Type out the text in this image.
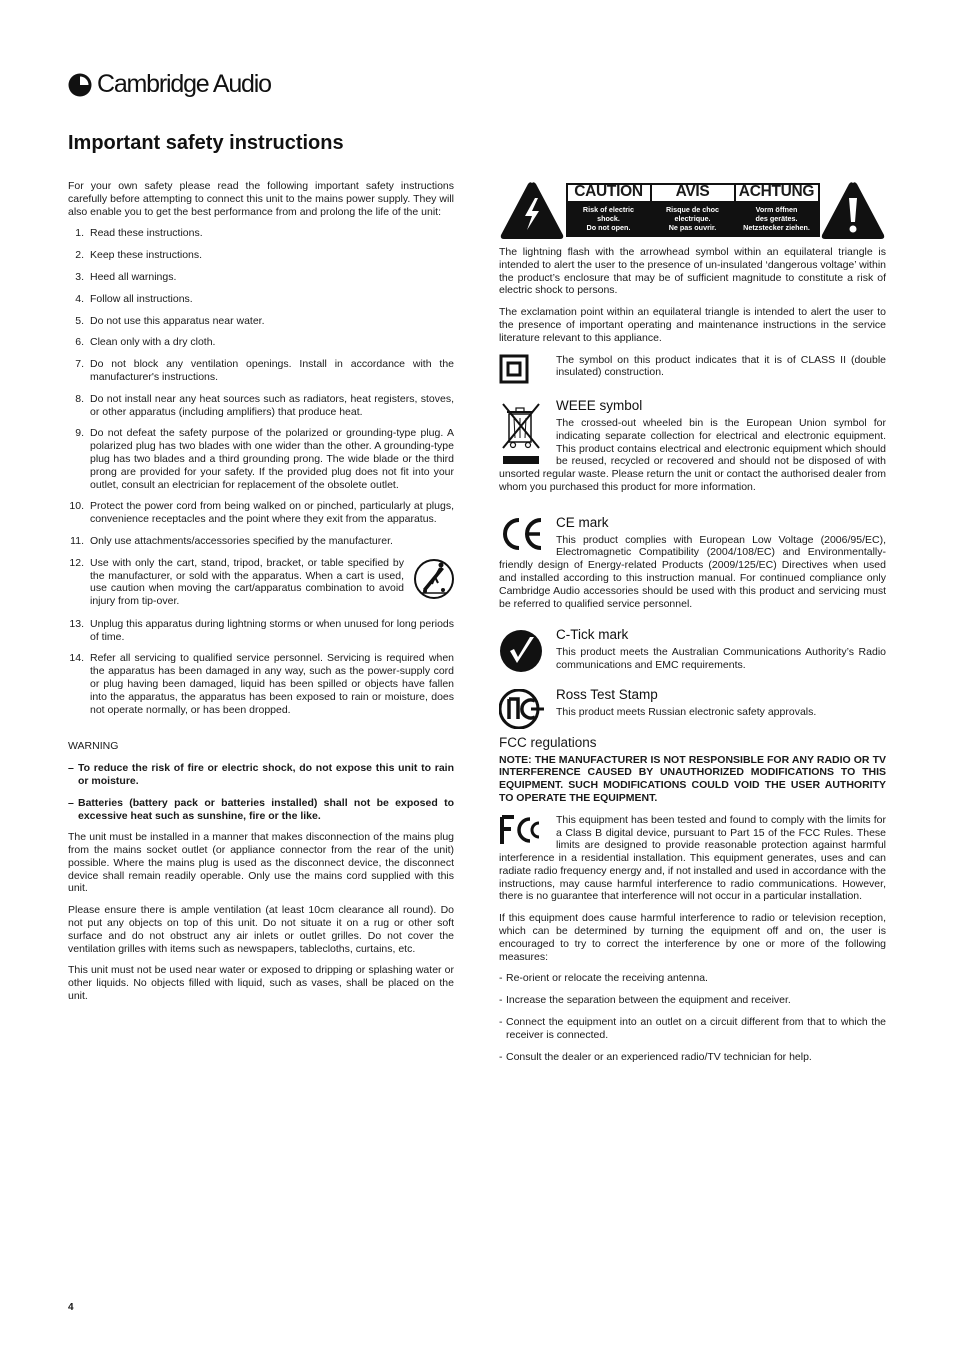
Cambridge Audio
Important safety instructions

For your own safety please read the following important safety instructions carefully before attempting to connect this unit to the mains power supply. They will also enable you to get the best performance from and prolong the life of the unit:

1. Read these instructions.
2. Keep these instructions.
3. Heed all warnings.
4. Follow all instructions.
5. Do not use this apparatus near water.
6. Clean only with a dry cloth.
7. Do not block any ventilation openings. Install in accordance with the manufacturer's instructions.
8. Do not install near any heat sources such as radiators, heat registers, stoves, or other apparatus (including amplifiers) that produce heat.
9. Do not defeat the safety purpose of the polarized or grounding-type plug. A polarized plug has two blades with one wider than the other. A grounding-type plug has two blades and a third grounding prong. The wide blade or the third prong are provided for your safety. If the provided plug does not fit into your outlet, consult an electrician for replacement of the obsolete outlet.
10. Protect the power cord from being walked on or pinched, particularly at plugs, convenience receptacles and the point where they exit from the apparatus.
11. Only use attachments/accessories specified by the manufacturer.
12. Use with only the cart, stand, tripod, bracket, or table specified by the manufacturer, or sold with the apparatus. When a cart is used, use caution when moving the cart/apparatus combination to avoid injury from tip-over.
13. Unplug this apparatus during lightning storms or when unused for long periods of time.
14. Refer all servicing to qualified service personnel. Servicing is required when the apparatus has been damaged in any way, such as the power-supply cord or plug having been damaged, liquid has been spilled or objects have fallen into the apparatus, the apparatus has been exposed to rain or moisture, does not operate normally, or has been dropped.

WARNING

– To reduce the risk of fire or electric shock, do not expose this unit to rain or moisture.

– Batteries (battery pack or batteries installed) shall not be exposed to excessive heat such as sunshine, fire or the like.

The unit must be installed in a manner that makes disconnection of the mains plug from the mains socket outlet (or appliance connector from the rear of the unit) possible. Where the mains plug is used as the disconnect device, the disconnect device shall remain readily operable. Only use the mains cord supplied with this unit.

Please ensure there is ample ventilation (at least 10cm clearance all round). Do not put any objects on top of this unit. Do not situate it on a rug or other soft surface and do not obstruct any air inlets or outlet grilles. Do not cover the ventilation grilles with items such as newspapers, tablecloths, curtains, etc.

This unit must not be used near water or exposed to dripping or splashing water or other liquids. No objects filled with liquid, such as vases, shall be placed on the unit.

CAUTION
Risk of electric
shock.
Do not open.
AVIS
Risque de choc
electrique.
Ne pas ouvrir.
ACHTUNG
Vorm öffnen
des gerätes.
Netzstecker ziehen.

The lightning flash with the arrowhead symbol within an equilateral triangle is intended to alert the user to the presence of un-insulated ‘dangerous voltage’ within the product’s enclosure that may be of sufficient magnitude to constitute a risk of electric shock to persons.

The exclamation point within an equilateral triangle is intended to alert the user to the presence of important operating and maintenance instructions in the service literature relevant to this appliance.

The symbol on this product indicates that it is of CLASS II (double insulated) construction.

WEEE symbol

The crossed-out wheeled bin is the European Union symbol for indicating separate collection for electrical and electronic equipment. This product contains electrical and electronic equipment which should be reused, recycled or recovered and should not be disposed of with unsorted regular waste. Please return the unit or contact the authorised dealer from whom you purchased this product for more information.

CE mark

This product complies with European Low Voltage (2006/95/EC), Electromagnetic Compatibility (2004/108/EC) and Environmentally-friendly design of Energy-related Products (2009/125/EC) Directives when used and installed according to this instruction manual. For continued compliance only Cambridge Audio accessories should be used with this product and servicing must be referred to qualified service personnel.

C-Tick mark

This product meets the Australian Communications Authority’s Radio communications and EMC requirements.

Ross Test Stamp

This product meets Russian electronic safety approvals.

FCC regulations

NOTE: THE MANUFACTURER IS NOT RESPONSIBLE FOR ANY RADIO OR TV INTERFERENCE CAUSED BY UNAUTHORIZED MODIFICATIONS TO THIS EQUIPMENT. SUCH MODIFICATIONS COULD VOID THE USER AUTHORITY TO OPERATE THE EQUIPMENT.

This equipment has been tested and found to comply with the limits for a Class B digital device, pursuant to Part 15 of the FCC Rules. These limits are designed to provide reasonable protection against harmful interference in a residential installation. This equipment generates, uses and can radiate radio frequency energy and, if not installed and used in accordance with the instructions, may cause harmful interference to radio communications. However, there is no guarantee that interference will not occur in a particular installation.

If this equipment does cause harmful interference to radio or television reception, which can be determined by turning the equipment off and on, the user is encouraged to try to correct the interference by one or more of the following measures:

- Re-orient or relocate the receiving antenna.

- Increase the separation between the equipment and receiver.

- Connect the equipment into an outlet on a circuit different from that to which the receiver is connected.

- Consult the dealer or an experienced radio/TV technician for help.

4
